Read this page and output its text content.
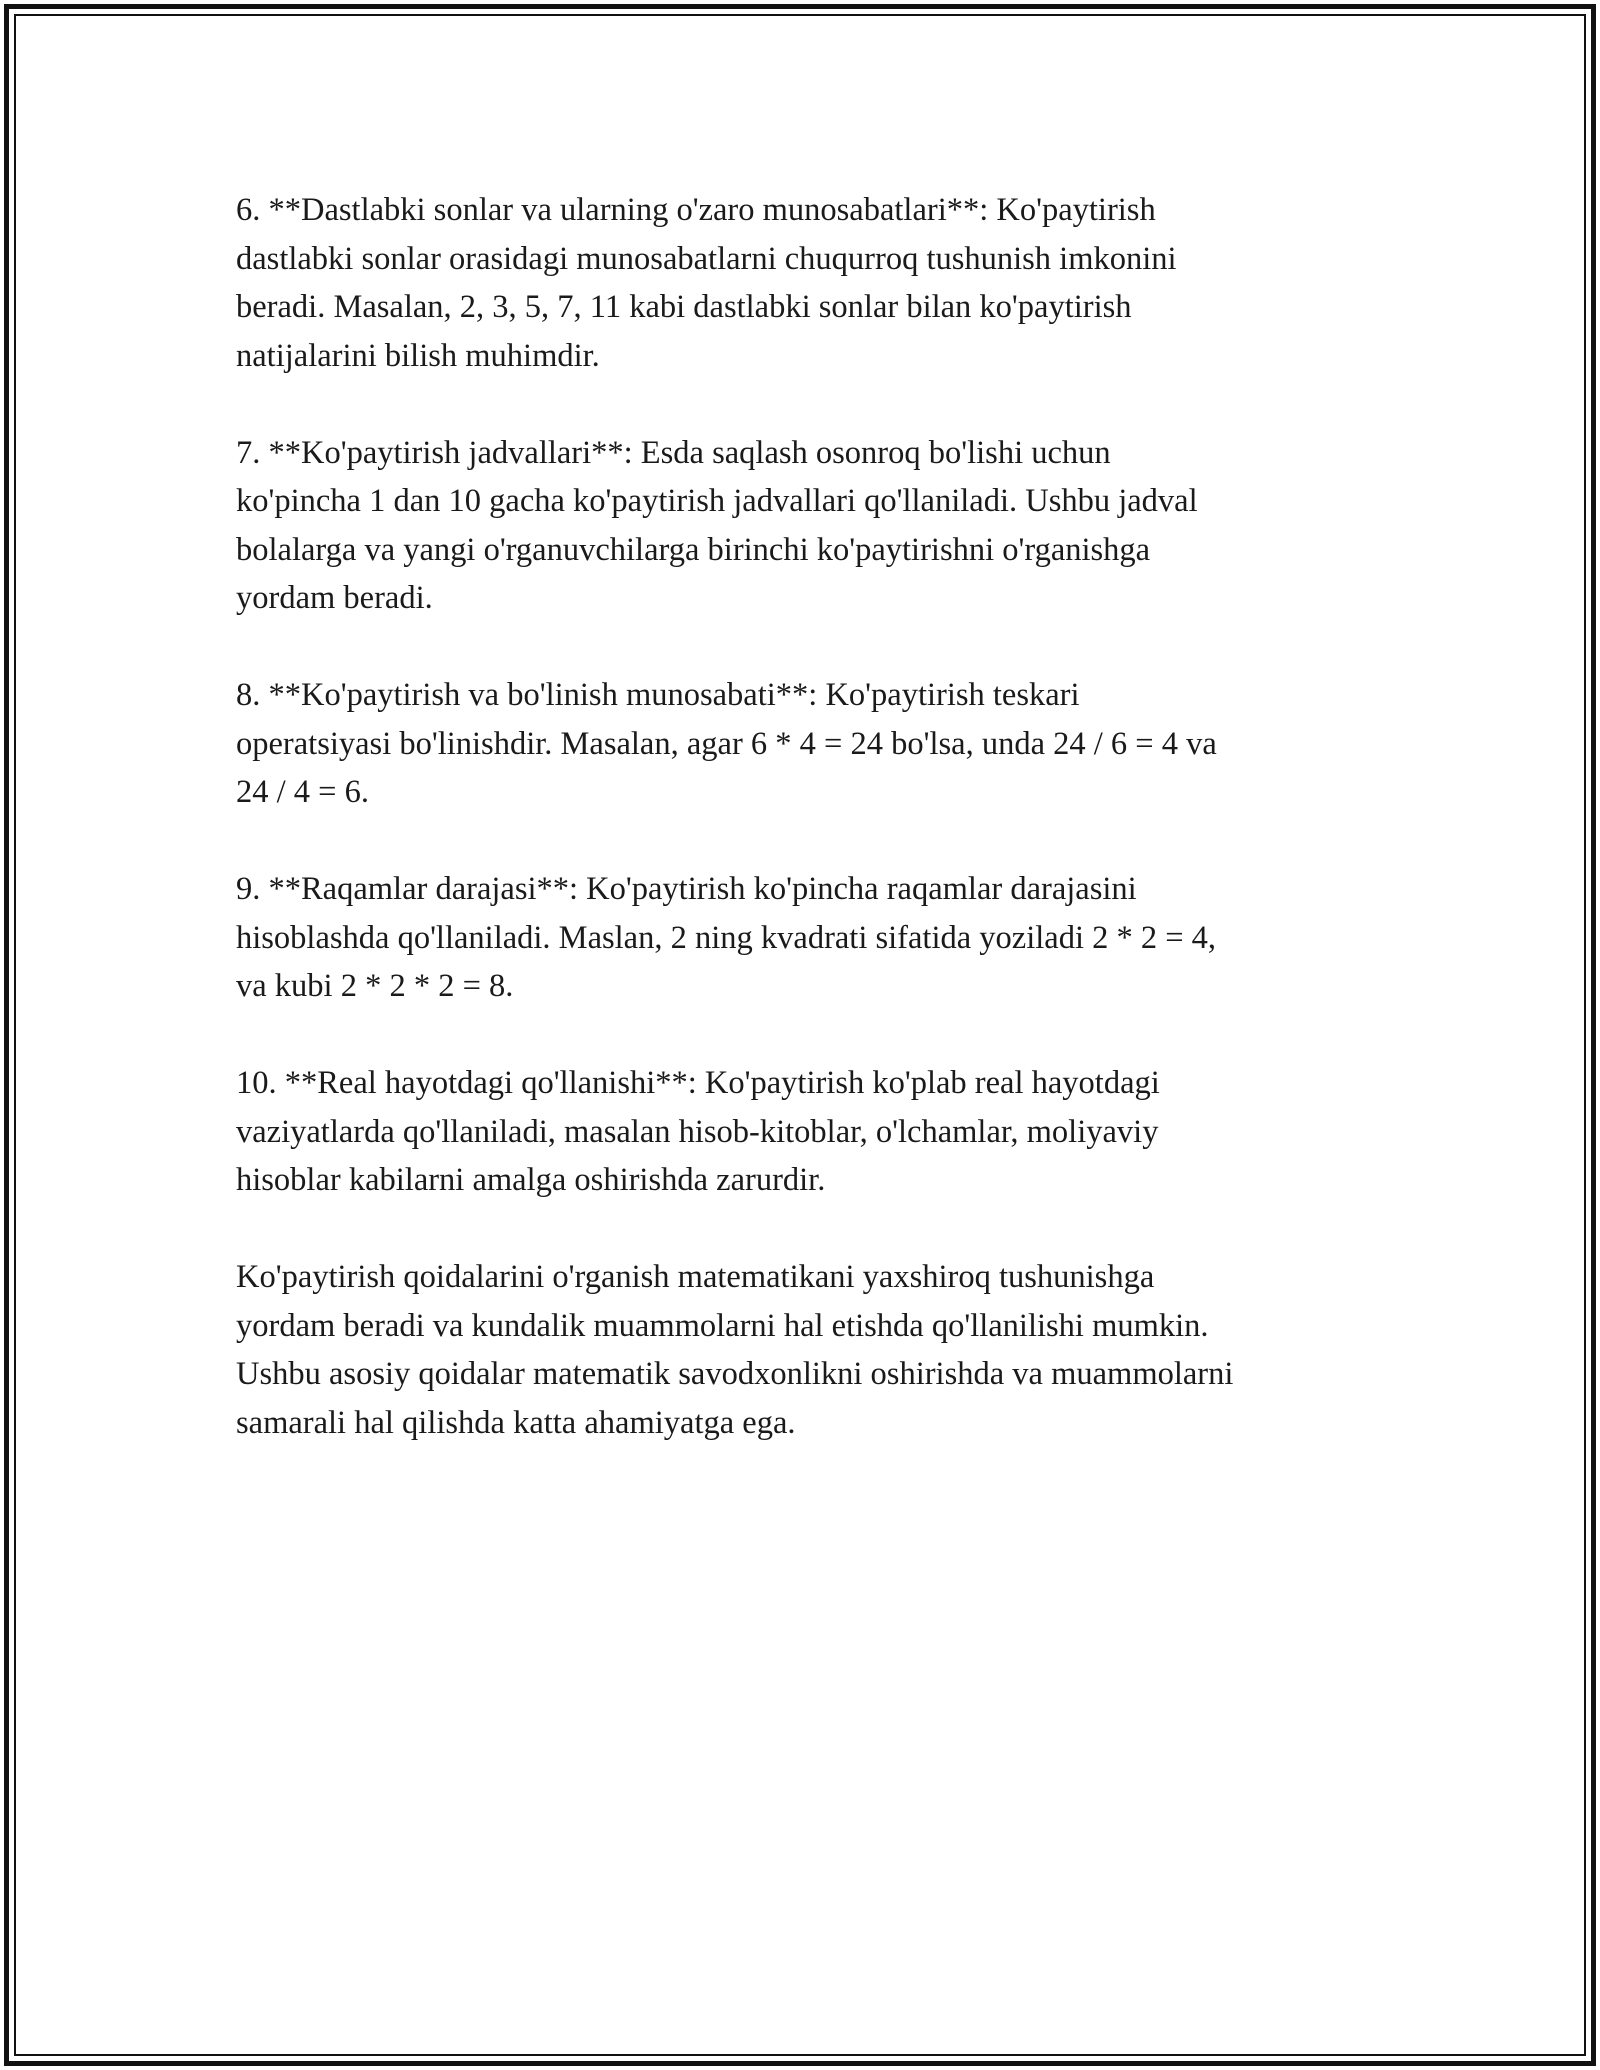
6. **Dastlabki sonlar va ularning o'zaro munosabatlari**: Ko'paytirish
dastlabki sonlar orasidagi munosabatlarni chuqurroq tushunish imkonini
beradi. Masalan, 2, 3, 5, 7, 11 kabi dastlabki sonlar bilan ko'paytirish
natijalarini bilish muhimdir.

7. **Ko'paytirish jadvallari**: Esda saqlash osonroq bo'lishi uchun
ko'pincha 1 dan 10 gacha ko'paytirish jadvallari qo'llaniladi. Ushbu jadval
bolalarga va yangi o'rganuvchilarga birinchi ko'paytirishni o'rganishga
yordam beradi.

8. **Ko'paytirish va bo'linish munosabati**: Ko'paytirish teskari
operatsiyasi bo'linishdir. Masalan, agar 6 * 4 = 24 bo'lsa, unda 24 / 6 = 4 va
24 / 4 = 6.

9. **Raqamlar darajasi**: Ko'paytirish ko'pincha raqamlar darajasini
hisoblashda qo'llaniladi. Maslan, 2 ning kvadrati sifatida yoziladi 2 * 2 = 4,
va kubi 2 * 2 * 2 = 8.

10. **Real hayotdagi qo'llanishi**: Ko'paytirish ko'plab real hayotdagi
vaziyatlarda qo'llaniladi, masalan hisob-kitoblar, o'lchamlar, moliyaviy
hisoblar kabilarni amalga oshirishda zarurdir.

Ko'paytirish qoidalarini o'rganish matematikani yaxshiroq tushunishga
yordam beradi va kundalik muammolarni hal etishda qo'llanilishi mumkin.
Ushbu asosiy qoidalar matematik savodxonlikni oshirishda va muammolarni
samarali hal qilishda katta ahamiyatga ega.
